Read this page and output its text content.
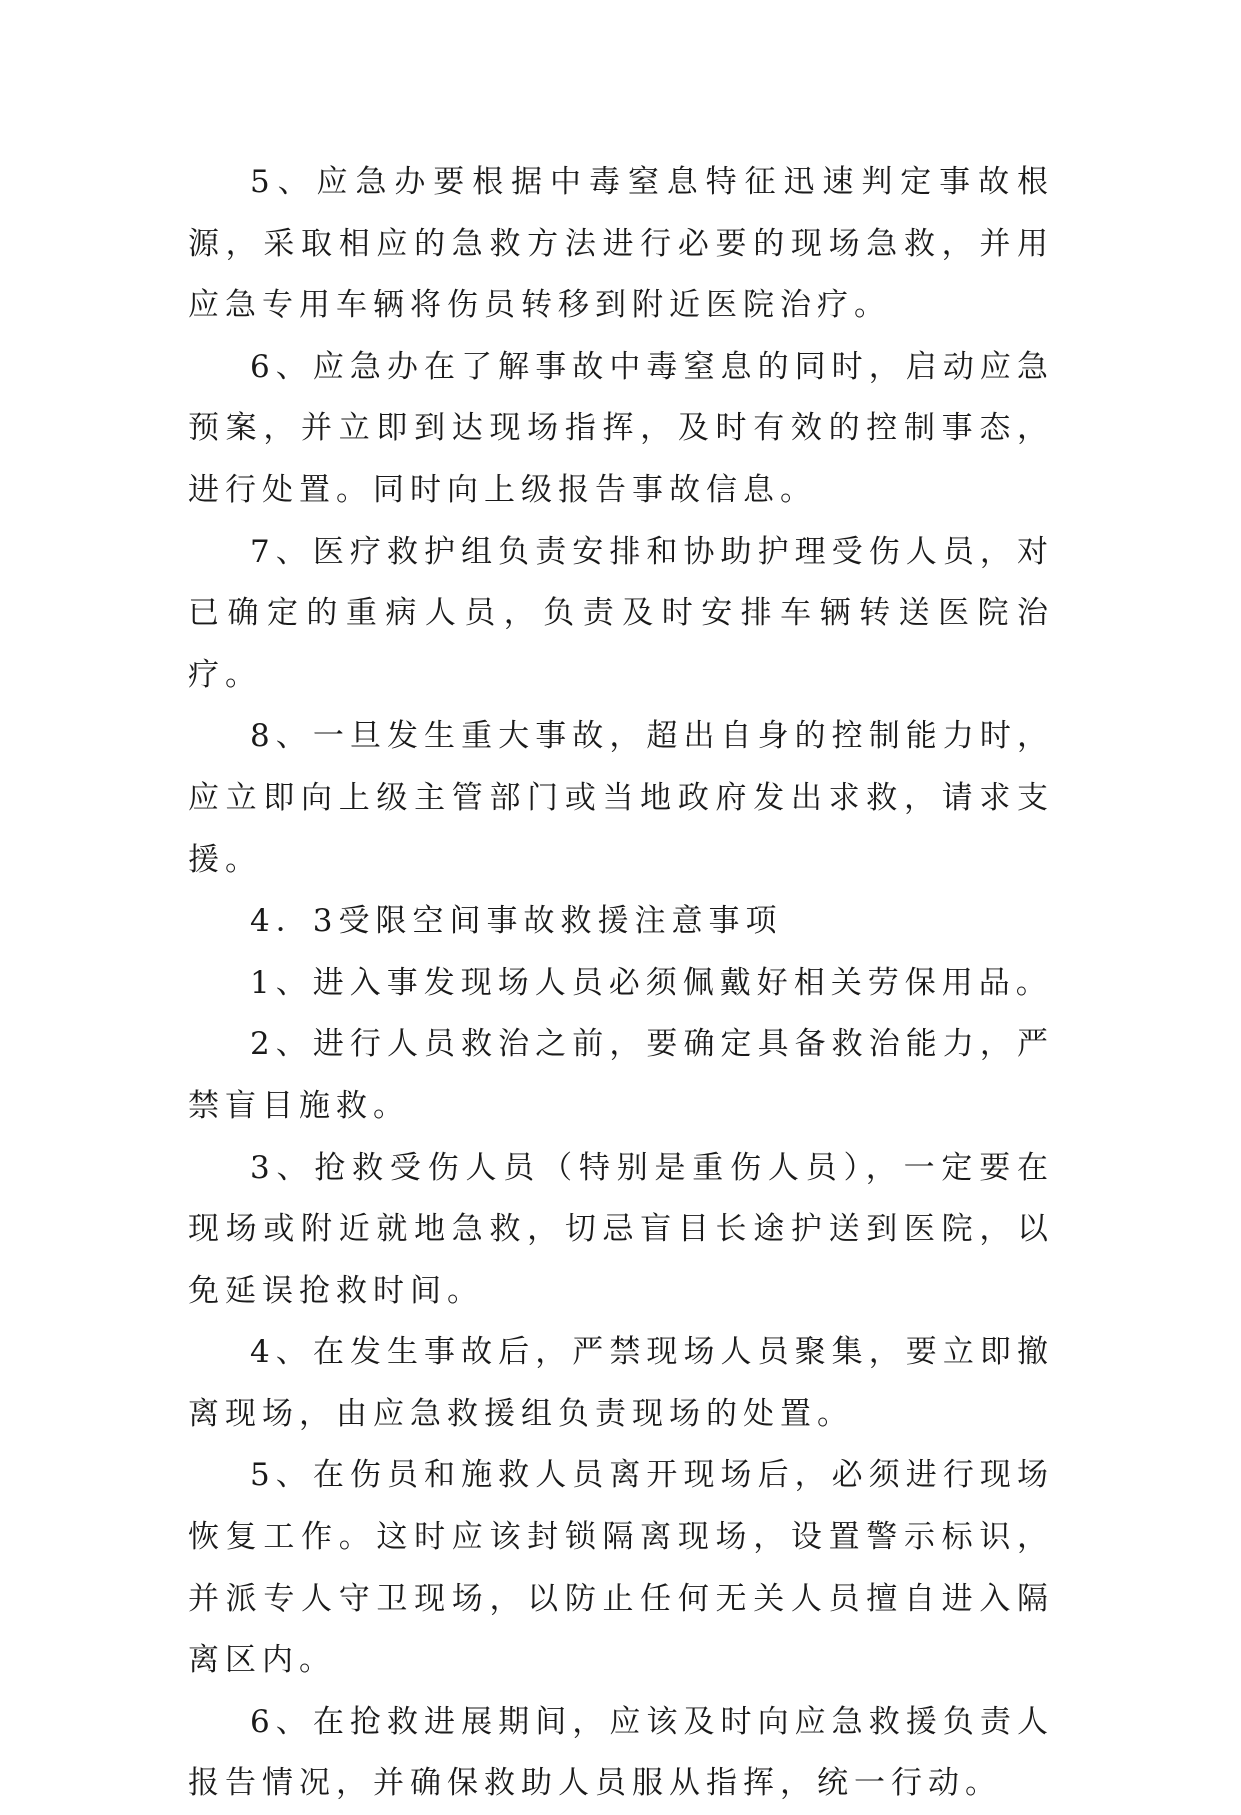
5、应急办要根据中毒窒息特征迅速判定事故根源，采取相应的急救方法进行必要的现场急救，并用应急专用车辆将伤员转移到附近医院治疗。

6、应急办在了解事故中毒窒息的同时，启动应急预案，并立即到达现场指挥，及时有效的控制事态，进行处置。同时向上级报告事故信息。

7、医疗救护组负责安排和协助护理受伤人员，对已确定的重病人员，负责及时安排车辆转送医院治疗。

8、一旦发生重大事故，超出自身的控制能力时，应立即向上级主管部门或当地政府发出求救，请求支援。

4．3受限空间事故救援注意事项

1、进入事发现场人员必须佩戴好相关劳保用品。

2、进行人员救治之前，要确定具备救治能力，严禁盲目施救。

3、抢救受伤人员（特别是重伤人员），一定要在现场或附近就地急救，切忌盲目长途护送到医院，以免延误抢救时间。

4、在发生事故后，严禁现场人员聚集，要立即撤离现场，由应急救援组负责现场的处置。

5、在伤员和施救人员离开现场后，必须进行现场恢复工作。这时应该封锁隔离现场，设置警示标识，并派专人守卫现场，以防止任何无关人员擅自进入隔离区内。

6、在抢救进展期间，应该及时向应急救援负责人报告情况，并确保救助人员服从指挥，统一行动。
